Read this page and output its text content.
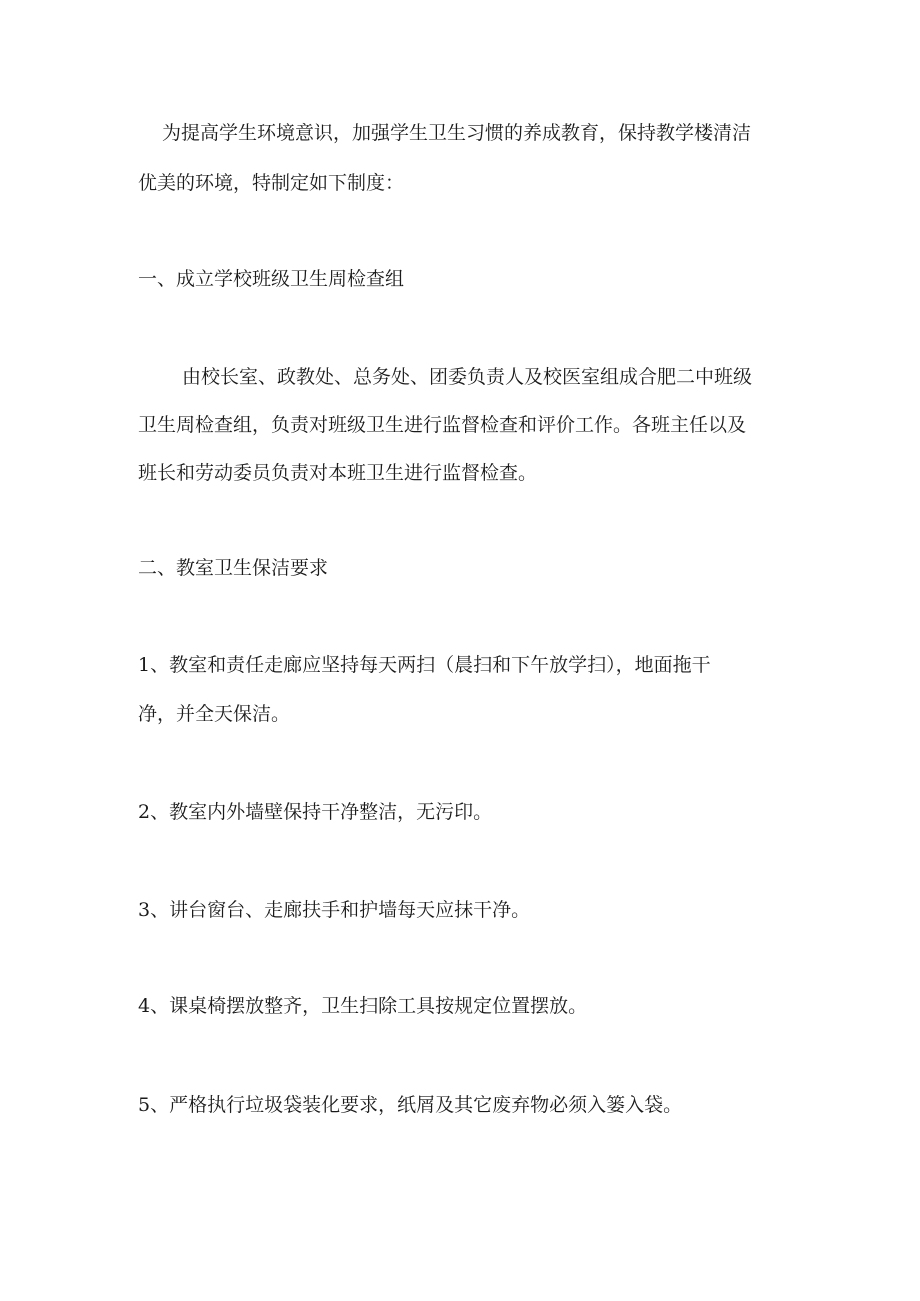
为提高学生环境意识，加强学生卫生习惯的养成教育，保持教学楼清洁

优美的环境，特制定如下制度：

一、成立学校班级卫生周检查组

由校长室、政教处、总务处、团委负责人及校医室组成合肥二中班级

卫生周检查组，负责对班级卫生进行监督检查和评价工作。各班主任以及

班长和劳动委员负责对本班卫生进行监督检查。

二、教室卫生保洁要求

1、教室和责任走廊应坚持每天两扫（晨扫和下午放学扫），地面拖干

净，并全天保洁。

2、教室内外墙壁保持干净整洁，无污印。

3、讲台窗台、走廊扶手和护墙每天应抹干净。

4、课桌椅摆放整齐，卫生扫除工具按规定位置摆放。

5、严格执行垃圾袋装化要求，纸屑及其它废弃物必须入篓入袋。
